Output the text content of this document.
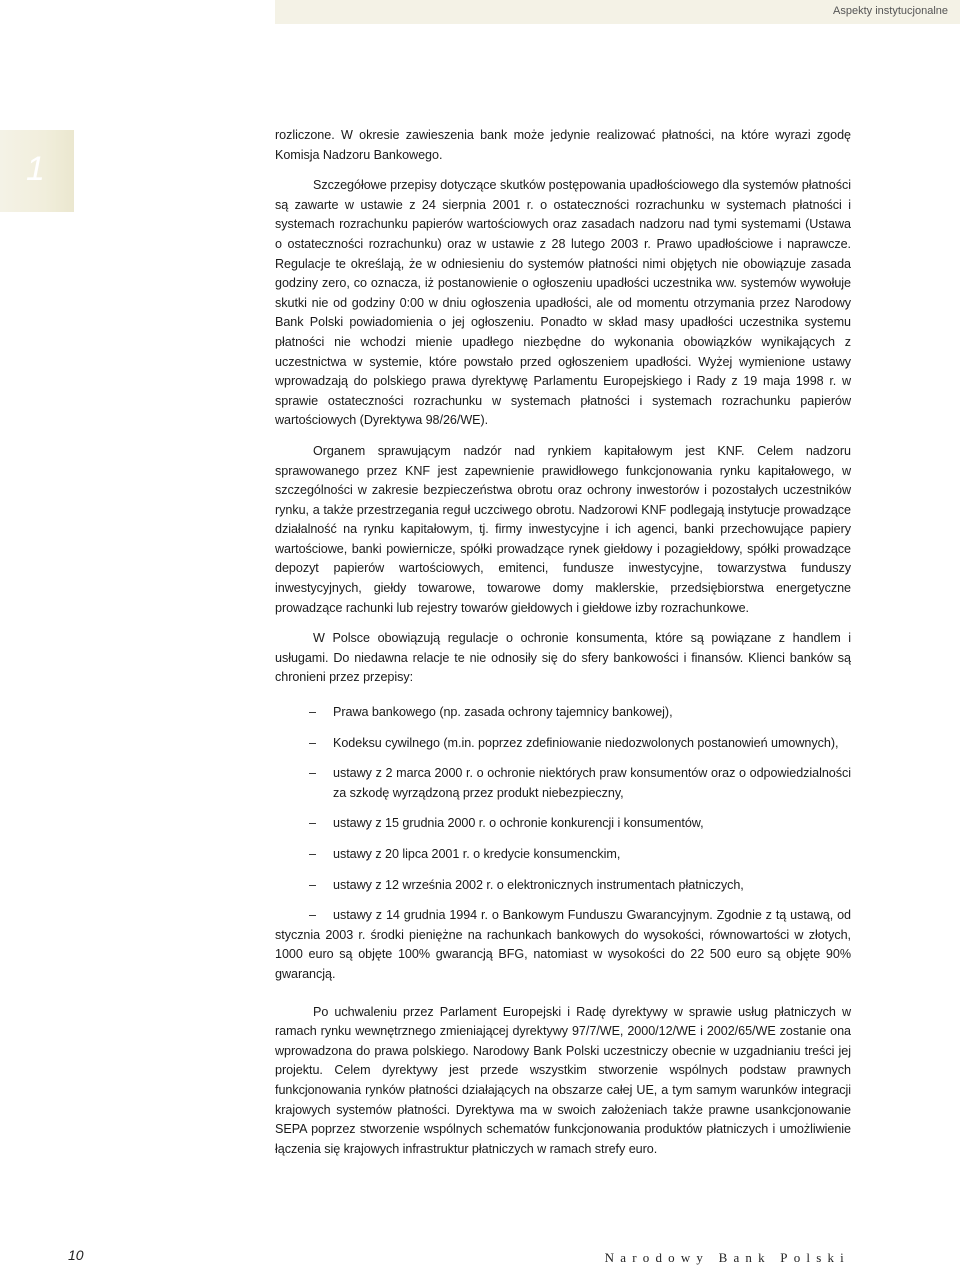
Aspekty instytucjonalne
1

rozliczone. W okresie zawieszenia bank może jedynie realizować płatności, na które wyrazi zgodę Komisja Nadzoru Bankowego.

Szczegółowe przepisy dotyczące skutków postępowania upadłościowego dla systemów płatności są zawarte w ustawie z 24 sierpnia 2001 r. o ostateczności rozrachunku w systemach płatności i systemach rozrachunku papierów wartościowych oraz zasadach nadzoru nad tymi systemami (Ustawa o ostateczności rozrachunku) oraz w ustawie z 28 lutego 2003 r. Prawo upadłościowe i naprawcze. Regulacje te określają, że w odniesieniu do systemów płatności nimi objętych nie obowiązuje zasada godziny zero, co oznacza, iż postanowienie o ogłoszeniu upadłości uczestnika ww. systemów wywołuje skutki nie od godziny 0:00 w dniu ogłoszenia upadłości, ale od momentu otrzymania przez Narodowy Bank Polski powiadomienia o jej ogłoszeniu. Ponadto w skład masy upadłości uczestnika systemu płatności nie wchodzi mienie upadłego niezbędne do wykonania obowiązków wynikających z uczestnictwa w systemie, które powstało przed ogłoszeniem upadłości. Wyżej wymienione ustawy wprowadzają do polskiego prawa dyrektywę Parlamentu Europejskiego i Rady z 19 maja 1998 r. w sprawie ostateczności rozrachunku w systemach płatności i systemach rozrachunku papierów wartościowych (Dyrektywa 98/26/WE).

Organem sprawującym nadzór nad rynkiem kapitałowym jest KNF. Celem nadzoru sprawowanego przez KNF jest zapewnienie prawidłowego funkcjonowania rynku kapitałowego, w szczególności w zakresie bezpieczeństwa obrotu oraz ochrony inwestorów i pozostałych uczestników rynku, a także przestrzegania reguł uczciwego obrotu. Nadzorowi KNF podlegają instytucje prowadzące działalność na rynku kapitałowym, tj. firmy inwestycyjne i ich agenci, banki przechowujące papiery wartościowe, banki powiernicze, spółki prowadzące rynek giełdowy i pozagiełdowy, spółki prowadzące depozyt papierów wartościowych, emitenci, fundusze inwestycyjne, towarzystwa funduszy inwestycyjnych, giełdy towarowe, towarowe domy maklerskie, przedsiębiorstwa energetyczne prowadzące rachunki lub rejestry towarów giełdowych i giełdowe izby rozrachunkowe.

W Polsce obowiązują regulacje o ochronie konsumenta, które są powiązane z handlem i usługami. Do niedawna relacje te nie odnosiły się do sfery bankowości i finansów. Klienci banków są chronieni przez przepisy:

– Prawa bankowego (np. zasada ochrony tajemnicy bankowej),
– Kodeksu cywilnego (m.in. poprzez zdefiniowanie niedozwolonych postanowień umownych),
– ustawy z 2 marca 2000 r. o ochronie niektórych praw konsumentów oraz o odpowiedzialności za szkodę wyrządzoną przez produkt niebezpieczny,
– ustawy z 15 grudnia 2000 r. o ochronie konkurencji i konsumentów,
– ustawy z 20 lipca 2001 r. o kredycie konsumenckim,
– ustawy z 12 września 2002 r. o elektronicznych instrumentach płatniczych,
–	ustawy z 14 grudnia 1994 r. o Bankowym Funduszu Gwarancyjnym. Zgodnie z tą ustawą, od stycznia 2003 r. środki pieniężne na rachunkach bankowych do wysokości, równowartości w złotych, 1000 euro są objęte 100% gwarancją BFG, natomiast w wysokości do 22 500 euro są objęte 90% gwarancją.

Po uchwaleniu przez Parlament Europejski i Radę dyrektywy w sprawie usług płatniczych w ramach rynku wewnętrznego zmieniającej dyrektywy 97/7/WE, 2000/12/WE i 2002/65/WE zostanie ona wprowadzona do prawa polskiego. Narodowy Bank Polski uczestniczy obecnie w uzgadnianiu treści jej projektu. Celem dyrektywy jest przede wszystkim stworzenie wspólnych podstaw prawnych funkcjonowania rynków płatności działających na obszarze całej UE, a tym samym warunków integracji krajowych systemów płatności. Dyrektywa ma w swoich założeniach także prawne usankcjonowanie SEPA poprzez stworzenie wspólnych schematów funkcjonowania produktów płatniczych i umożliwienie łączenia się krajowych infrastruktur płatniczych w ramach strefy euro.

10	Narodowy Bank Polski
